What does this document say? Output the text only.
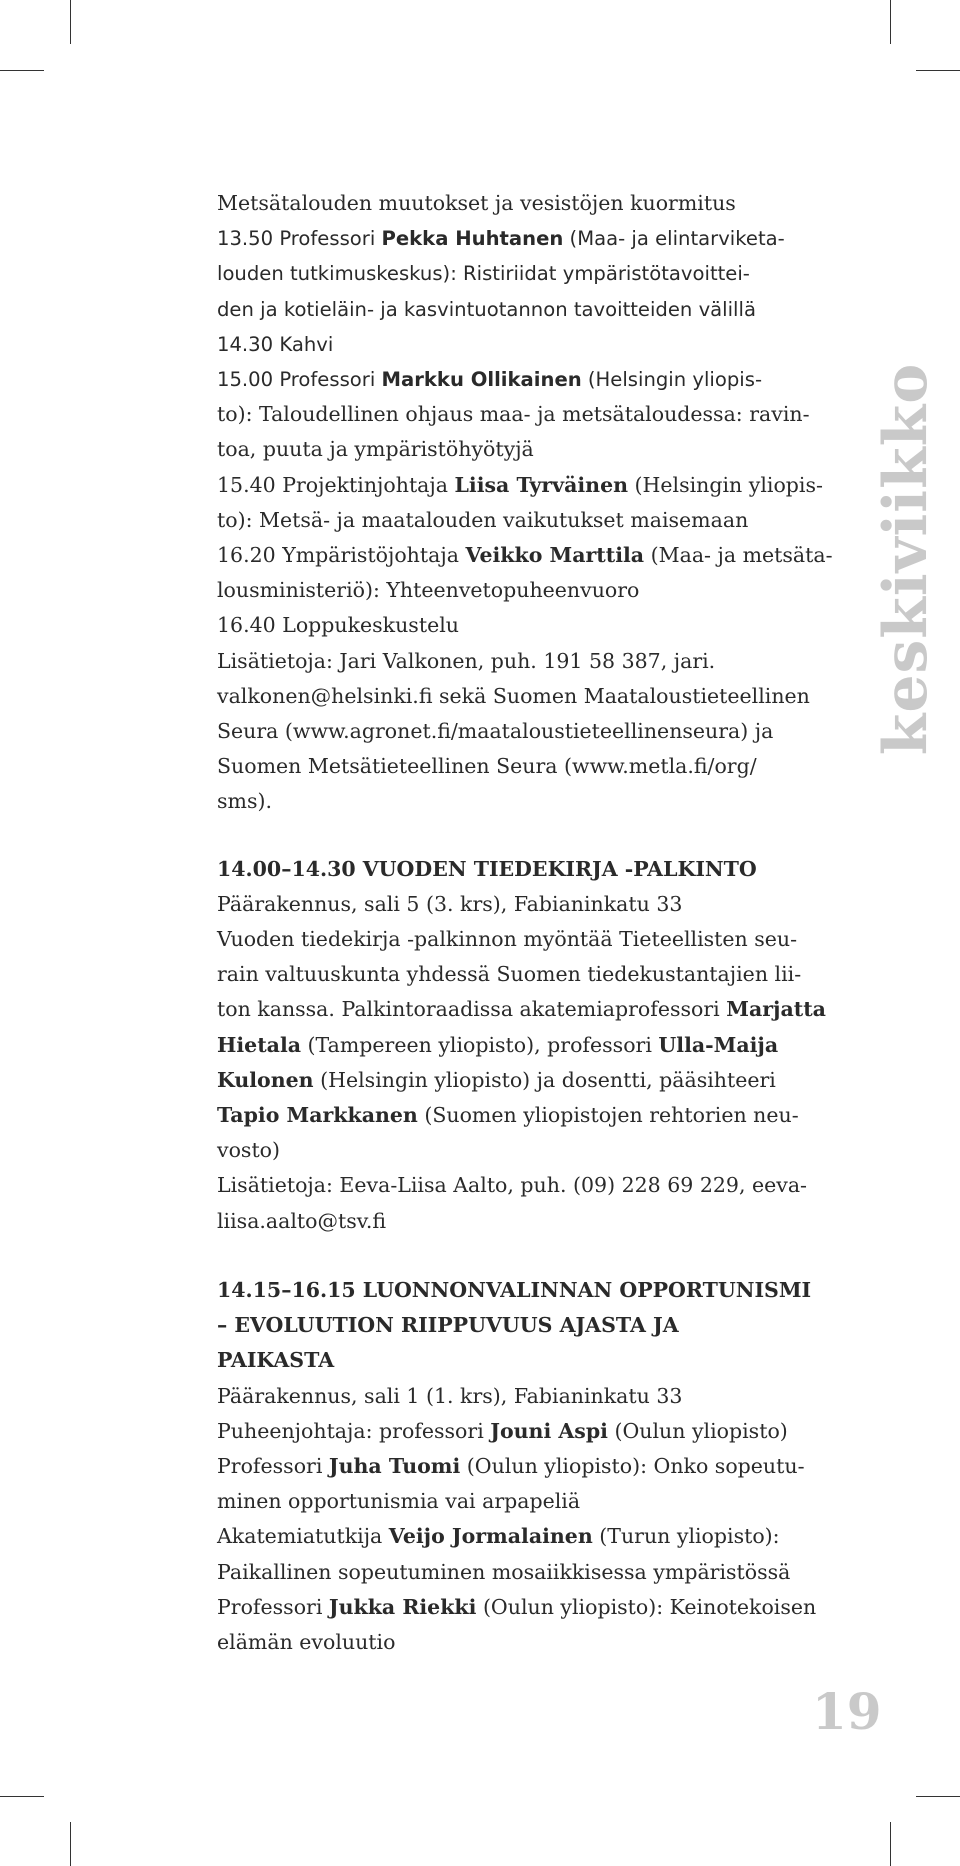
keskiviikko
Metsätalouden muutokset ja vesistöjen kuormitus
13.50 Professori Pekka Huhtanen (Maa- ja elintarviketa-
louden tutkimuskeskus): Ristiriidat ympäristötavoittei-
den ja kotieläin- ja kasvintuotannon tavoitteiden välillä
14.30 Kahvi
15.00 Professori Markku Ollikainen (Helsingin yliopis-
to): Taloudellinen ohjaus maa- ja metsätaloudessa: ravin-
toa, puuta ja ympäristöhyötyjä
15.40 Projektinjohtaja Liisa Tyrväinen (Helsingin yliopis-
to): Metsä- ja maatalouden vaikutukset maisemaan
16.20 Ympäristöjohtaja Veikko Marttila (Maa- ja metsäta-
lousministeriö): Yhteenvetopuheenvuoro
16.40 Loppukeskustelu
Lisätietoja: Jari Valkonen, puh. 191 58 387, jari.
valkonen@helsinki.fi sekä Suomen Maataloustieteellinen
Seura (www.agronet.fi/maataloustieteellinenseura) ja
Suomen Metsätieteellinen Seura (www.metla.fi/org/
sms).
14.00–14.30 VUODEN TIEDEKIRJA -PALKINTO
Päärakennus, sali 5 (3. krs), Fabianinkatu 33
Vuoden tiedekirja -palkinnon myöntää Tieteellisten seu-
rain valtuuskunta yhdessä Suomen tiedekustantajien lii-
ton kanssa. Palkintoraadissa akatemiaprofessori Marjatta
Hietala (Tampereen yliopisto), professori Ulla-Maija
Kulonen (Helsingin yliopisto) ja dosentti, pääsihteeri
Tapio Markkanen (Suomen yliopistojen rehtorien neu-
vosto)
Lisätietoja: Eeva-Liisa Aalto, puh. (09) 228 69 229, eeva-
liisa.aalto@tsv.fi
14.15–16.15 LUONNONVALINNAN OPPORTUNISMI
– EVOLUUTION RIIPPUVUUS AJASTA JA
PAIKASTA
Päärakennus, sali 1 (1. krs), Fabianinkatu 33
Puheenjohtaja: professori Jouni Aspi (Oulun yliopisto)
Professori Juha Tuomi (Oulun yliopisto): Onko sopeutu-
minen opportunismia vai arpapeliä
Akatemiatutkija Veijo Jormalainen (Turun yliopisto):
Paikallinen sopeutuminen mosaiikkisessa ympäristössä
Professori Jukka Riekki (Oulun yliopisto): Keinotekoisen
elämän evoluutio
19
